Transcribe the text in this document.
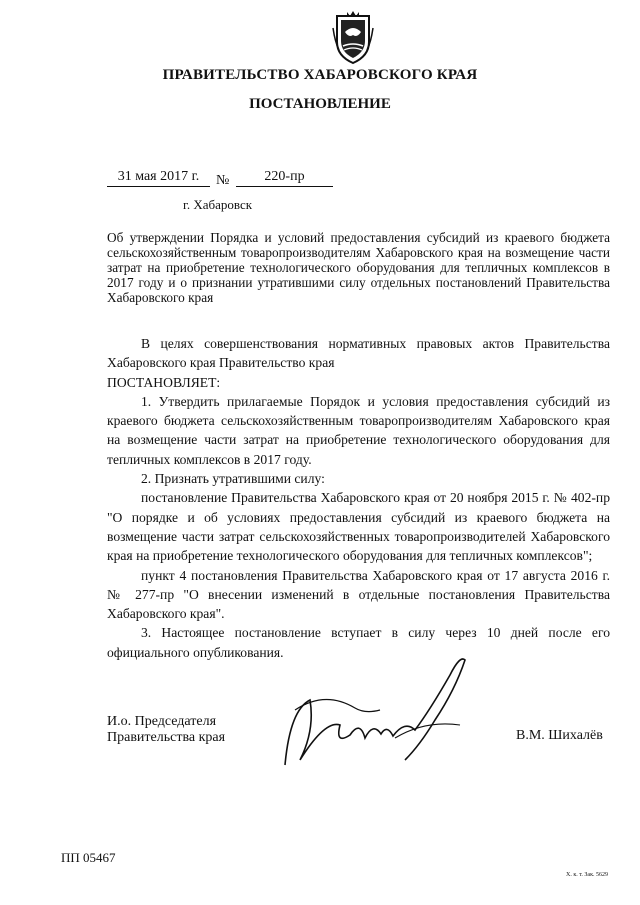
ПРАВИТЕЛЬСТВО ХАБАРОВСКОГО КРАЯ
ПОСТАНОВЛЕНИЕ
31 мая 2017 г.	№	220-пр
г. Хабаровск
Об утверждении Порядка и условий предоставления субсидий из краевого бюджета сельскохозяйственным товаропроизводителям Хабаровского края на возмещение части затрат на приобретение технологического оборудования для тепличных комплексов в 2017 году и о признании утратившими силу отдельных постановлений Правительства Хабаровского края

В целях совершенствования нормативных правовых актов Правительства Хабаровского края Правительство края

ПОСТАНОВЛЯЕТ:

1. Утвердить прилагаемые Порядок и условия предоставления субсидий из краевого бюджета сельскохозяйственным товаропроизводителям Хабаровского края на возмещение части затрат на приобретение технологического оборудования для тепличных комплексов в 2017 году.

2. Признать утратившими силу:

постановление Правительства Хабаровского края от 20 ноября 2015 г. № 402-пр "О порядке и об условиях предоставления субсидий из краевого бюджета на возмещение части затрат сельскохозяйственных товаропроизводителей Хабаровского края на приобретение технологического оборудования для тепличных комплексов";

пункт 4 постановления Правительства Хабаровского края от 17 августа 2016 г. № 277-пр "О внесении изменений в отдельные постановления Правительства Хабаровского края".

3. Настоящее постановление вступает в силу через 10 дней после его официального опубликования.

И.о. Председателя
Правительства края	В.М. Шихалёв
ПП 05467
Х. к. т. Зак. 5629
